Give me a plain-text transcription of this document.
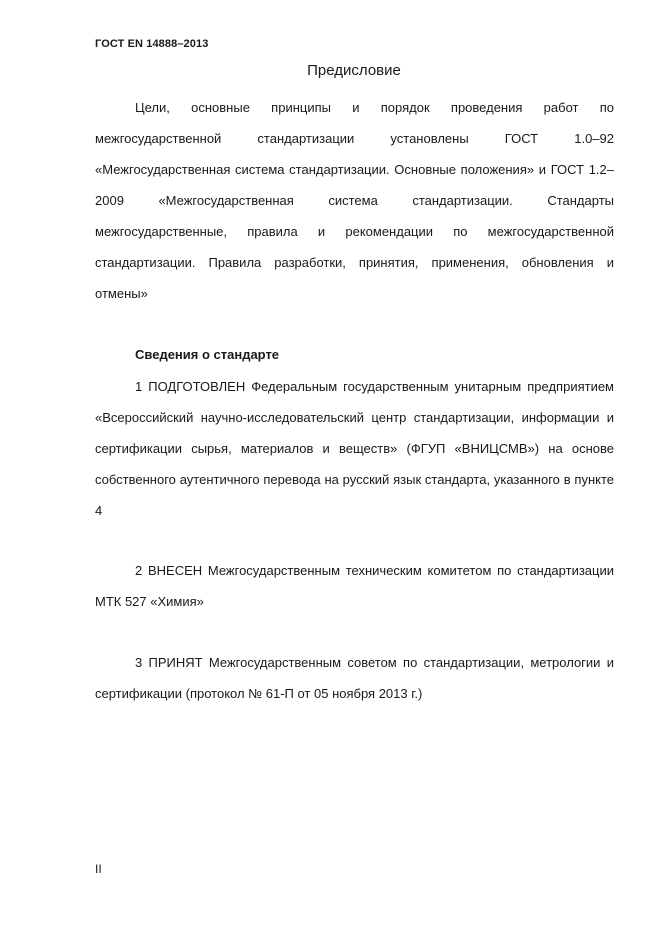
ГОСТ EN 14888–2013
Предисловие

Цели, основные принципы и порядок проведения работ по межгосударственной стандартизации установлены ГОСТ 1.0–92 «Межгосударственная система стандартизации. Основные положения» и ГОСТ 1.2–2009 «Межгосударственная система стандартизации. Стандарты межгосударственные, правила и рекомендации по межгосударственной стандартизации. Правила разработки, принятия, применения, обновления и отмены»

Сведения о стандарте

1 ПОДГОТОВЛЕН Федеральным государственным унитарным предприятием «Всероссийский научно-исследовательский центр стандартизации, информации и сертификации сырья, материалов и веществ» (ФГУП «ВНИЦСМВ») на основе собственного аутентичного перевода на русский язык стандарта, указанного в пункте 4

2 ВНЕСЕН Межгосударственным техническим комитетом по стандартизации МТК 527 «Химия»

3 ПРИНЯТ Межгосударственным советом по стандартизации, метрологии и сертификации (протокол № 61-П от 05 ноября 2013 г.)

II
